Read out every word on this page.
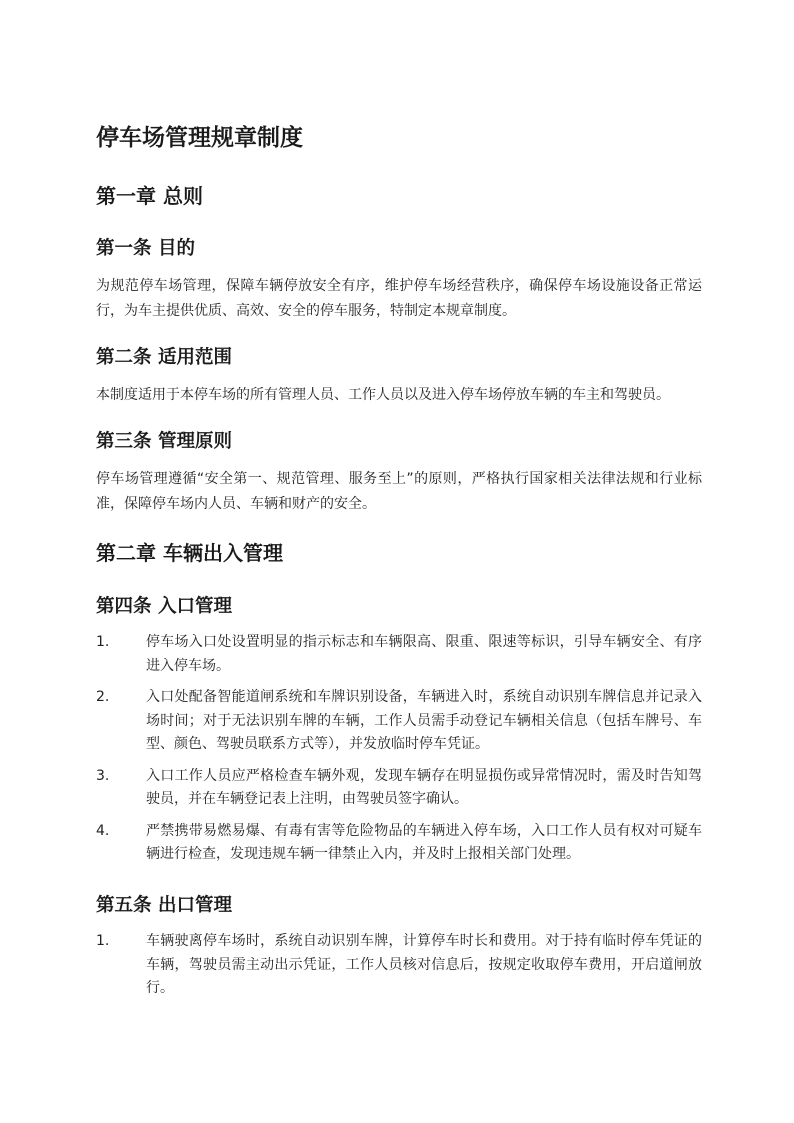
停车场管理规章制度
第一章 总则
第一条 目的

为规范停车场管理，保障车辆停放安全有序，维护停车场经营秩序，确保停车场设施设备正常运行，为车主提供优质、高效、安全的停车服务，特制定本规章制度。

第二条 适用范围

本制度适用于本停车场的所有管理人员、工作人员以及进入停车场停放车辆的车主和驾驶员。

第三条 管理原则

停车场管理遵循“安全第一、规范管理、服务至上”的原则，严格执行国家相关法律法规和行业标准，保障停车场内人员、车辆和财产的安全。

第二章 车辆出入管理
第四条 入口管理
1.	停车场入口处设置明显的指示标志和车辆限高、限重、限速等标识，引导车辆安全、有序进入停车场。
2.	入口处配备智能道闸系统和车牌识别设备，车辆进入时，系统自动识别车牌信息并记录入场时间；对于无法识别车牌的车辆，工作人员需手动登记车辆相关信息（包括车牌号、车型、颜色、驾驶员联系方式等），并发放临时停车凭证。
3.	入口工作人员应严格检查车辆外观，发现车辆存在明显损伤或异常情况时，需及时告知驾驶员，并在车辆登记表上注明，由驾驶员签字确认。
4.	严禁携带易燃易爆、有毒有害等危险物品的车辆进入停车场，入口工作人员有权对可疑车辆进行检查，发现违规车辆一律禁止入内，并及时上报相关部门处理。
第五条 出口管理
1.	车辆驶离停车场时，系统自动识别车牌，计算停车时长和费用。对于持有临时停车凭证的车辆，驾驶员需主动出示凭证，工作人员核对信息后，按规定收取停车费用，开启道闸放行。
